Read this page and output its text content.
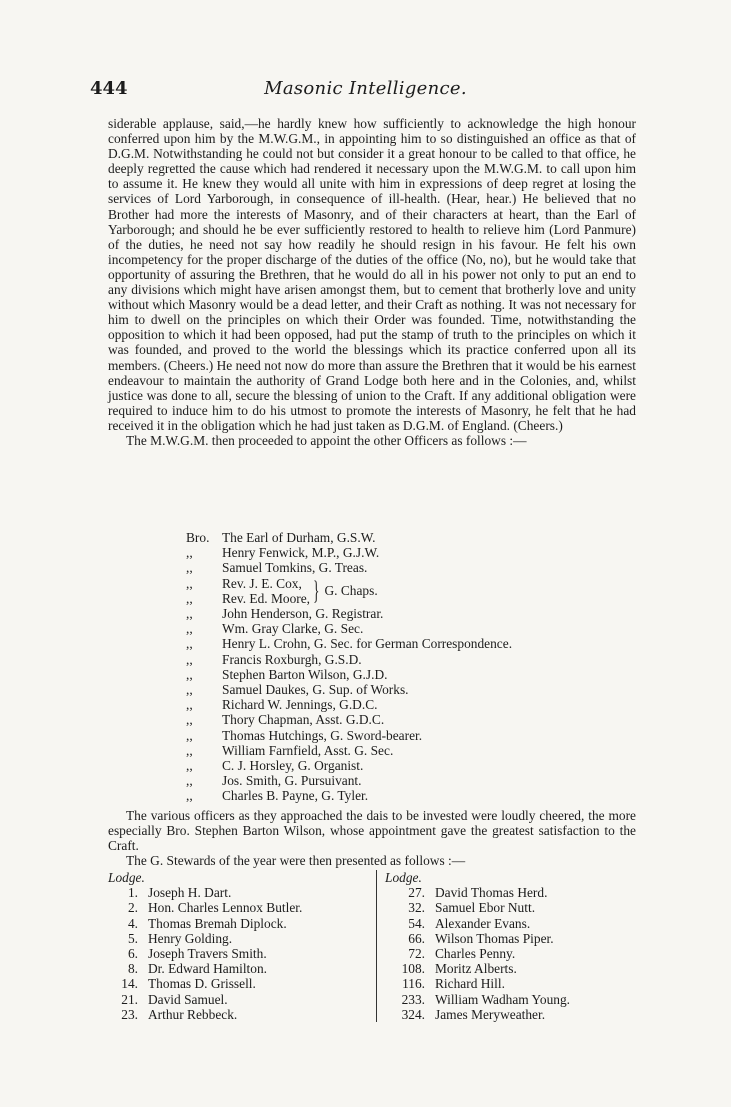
Masonic Intelligence.
444

siderable applause, said,—he hardly knew how sufficiently to acknowledge the high honour conferred upon him by the M.W.G.M., in appointing him to so distinguished an office as that of D.G.M. Notwithstanding he could not but consider it a great honour to be called to that office, he deeply regretted the cause which had rendered it necessary upon the M.W.G.M. to call upon him to assume it. He knew they would all unite with him in expressions of deep regret at losing the services of Lord Yarborough, in consequence of ill-health. (Hear, hear.) He believed that no Brother had more the interests of Masonry, and of their characters at heart, than the Earl of Yarborough; and should he be ever sufficiently restored to health to relieve him (Lord Panmure) of the duties, he need not say how readily he should resign in his favour. He felt his own incompetency for the proper discharge of the duties of the office (No, no), but he would take that opportunity of assuring the Brethren, that he would do all in his power not only to put an end to any divisions which might have arisen amongst them, but to cement that brotherly love and unity without which Masonry would be a dead letter, and their Craft as nothing. It was not necessary for him to dwell on the principles on which their Order was founded. Time, notwithstanding the opposition to which it had been opposed, had put the stamp of truth to the principles on which it was founded, and proved to the world the blessings which its practice conferred upon all its members. (Cheers.) He need not now do more than assure the Brethren that it would be his earnest endeavour to maintain the authority of Grand Lodge both here and in the Colonies, and, whilst justice was done to all, secure the blessing of union to the Craft. If any additional obligation were required to induce him to do his utmost to promote the interests of Masonry, he felt that he had received it in the obligation which he had just taken as D.G.M. of England. (Cheers.)

The M.W.G.M. then proceeded to appoint the other Officers as follows :—

Bro. The Earl of Durham, G.S.W.
,,	Henry Fenwick, M.P., G.J.W.
,,	Samuel Tomkins, G. Treas.
,,	Rev. J. E. Cox,
,,	Rev. Ed. Moore, } G. Chaps.
,,	John Henderson, G. Registrar.
,,	Wm. Gray Clarke, G. Sec.
,,	Henry L. Crohn, G. Sec. for German Correspondence.
,,	Francis Roxburgh, G.S.D.
,,	Stephen Barton Wilson, G.J.D.
,,	Samuel Daukes, G. Sup. of Works.
,,	Richard W. Jennings, G.D.C.
,,	Thory Chapman, Asst. G.D.C.
,,	Thomas Hutchings, G. Sword-bearer.
,,	William Farnfield, Asst. G. Sec.
,,	C. J. Horsley, G. Organist.
,,	Jos. Smith, G. Pursuivant.
,,	Charles B. Payne, G. Tyler.

The various officers as they approached the dais to be invested were loudly cheered, the more especially Bro. Stephen Barton Wilson, whose appointment gave the greatest satisfaction to the Craft.

The G. Stewards of the year were then presented as follows :—

Lodge.
1. Joseph H. Dart.
2. Hon. Charles Lennox Butler.
4. Thomas Bremah Diplock.
5. Henry Golding.
6. Joseph Travers Smith.
8. Dr. Edward Hamilton.
14. Thomas D. Grissell.
21. David Samuel.
23. Arthur Rebbeck.
Lodge.
27. David Thomas Herd.
32. Samuel Ebor Nutt.
54. Alexander Evans.
66. Wilson Thomas Piper.
72. Charles Penny.
108. Moritz Alberts.
116. Richard Hill.
233. William Wadham Young.
324. James Meryweather.
